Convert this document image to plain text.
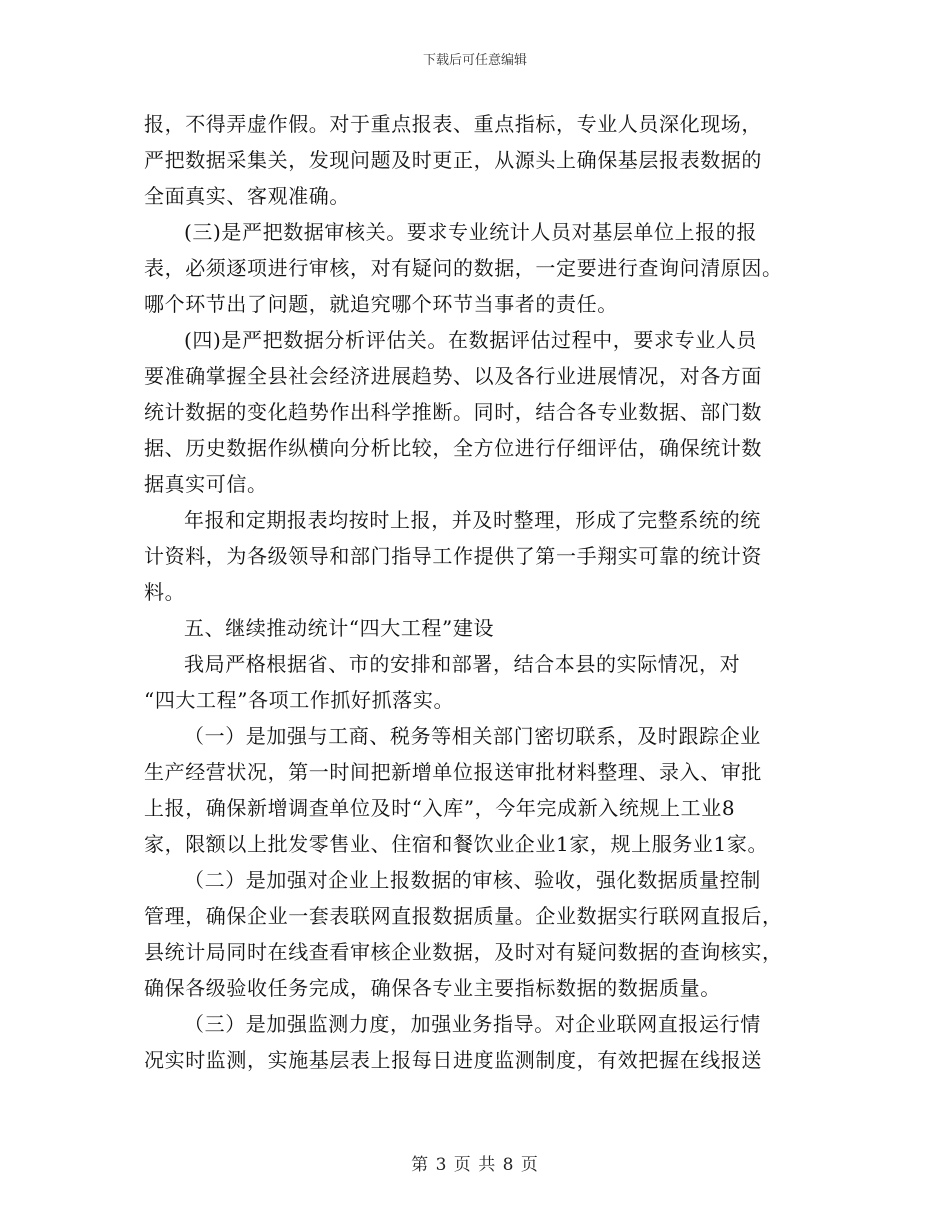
下载后可任意编辑
报，不得弄虚作假。对于重点报表、重点指标，专业人员深化现场，
严把数据采集关，发现问题及时更正，从源头上确保基层报表数据的
全面真实、客观准确。
(三)是严把数据审核关。要求专业统计人员对基层单位上报的报
表，必须逐项进行审核，对有疑问的数据，一定要进行查询问清原因。
哪个环节出了问题，就追究哪个环节当事者的责任。
(四)是严把数据分析评估关。在数据评估过程中，要求专业人员
要准确掌握全县社会经济进展趋势、以及各行业进展情况，对各方面
统计数据的变化趋势作出科学推断。同时，结合各专业数据、部门数
据、历史数据作纵横向分析比较，全方位进行仔细评估，确保统计数
据真实可信。
年报和定期报表均按时上报，并及时整理，形成了完整系统的统
计资料，为各级领导和部门指导工作提供了第一手翔实可靠的统计资
料。
五、继续推动统计“四大工程”建设
我局严格根据省、市的安排和部署，结合本县的实际情况，对
“四大工程”各项工作抓好抓落实。
（一）是加强与工商、税务等相关部门密切联系，及时跟踪企业
生产经营状况，第一时间把新增单位报送审批材料整理、录入、审批
上报，确保新增调查单位及时“入库”，今年完成新入统规上工业8
家，限额以上批发零售业、住宿和餐饮业企业1家，规上服务业1家。
（二）是加强对企业上报数据的审核、验收，强化数据质量控制
管理，确保企业一套表联网直报数据质量。企业数据实行联网直报后，
县统计局同时在线查看审核企业数据，及时对有疑问数据的查询核实，
确保各级验收任务完成，确保各专业主要指标数据的数据质量。
（三）是加强监测力度，加强业务指导。对企业联网直报运行情
况实时监测，实施基层表上报每日进度监测制度，有效把握在线报送
第 3 页 共 8 页
